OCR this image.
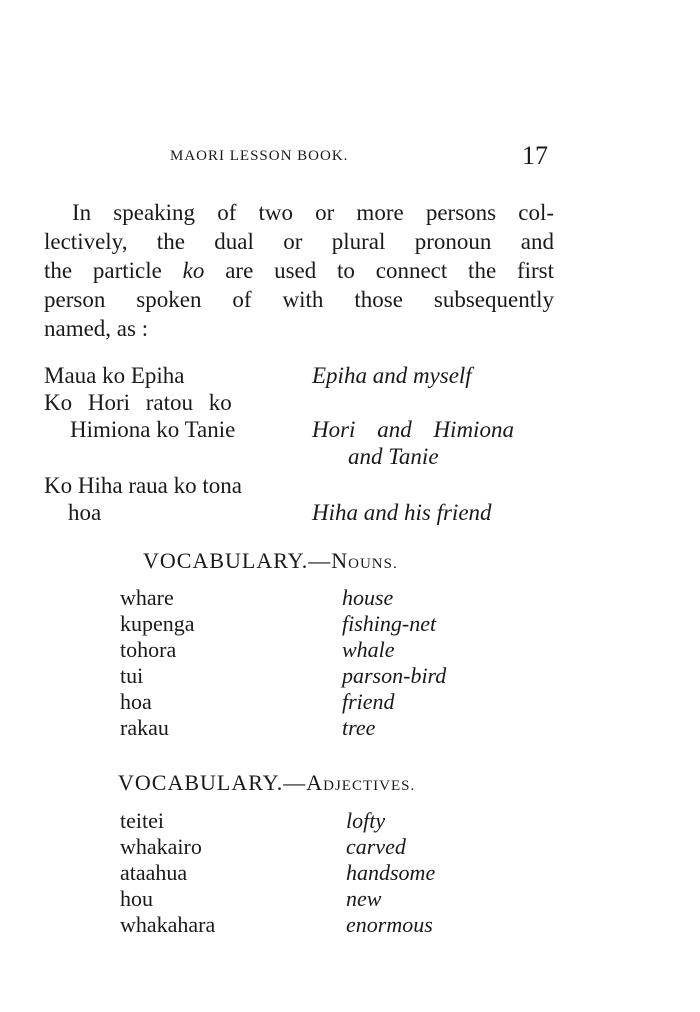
MAORI LESSON BOOK.	17
In speaking of two or more persons col-
lectively, the dual or plural pronoun and
the particle ko are used to connect the first
person spoken of with those subsequently
named, as :
Maua ko Epiha	Epiha and myself
Ko Hori ratou ko
Himiona ko Tanie	Hori and Himiona
and Tanie
Ko Hiha raua ko tona
hoa	Hiha and his friend
VOCABULARY.—NOUNS.
whare	house
kupenga	fishing-net
tohora	whale
tui	parson-bird
hoa	friend
rakau	tree
VOCABULARY.—ADJECTIVES.
teitei	lofty
whakairo	carved
ataahua	handsome
hou	new
whakahara	enormous
